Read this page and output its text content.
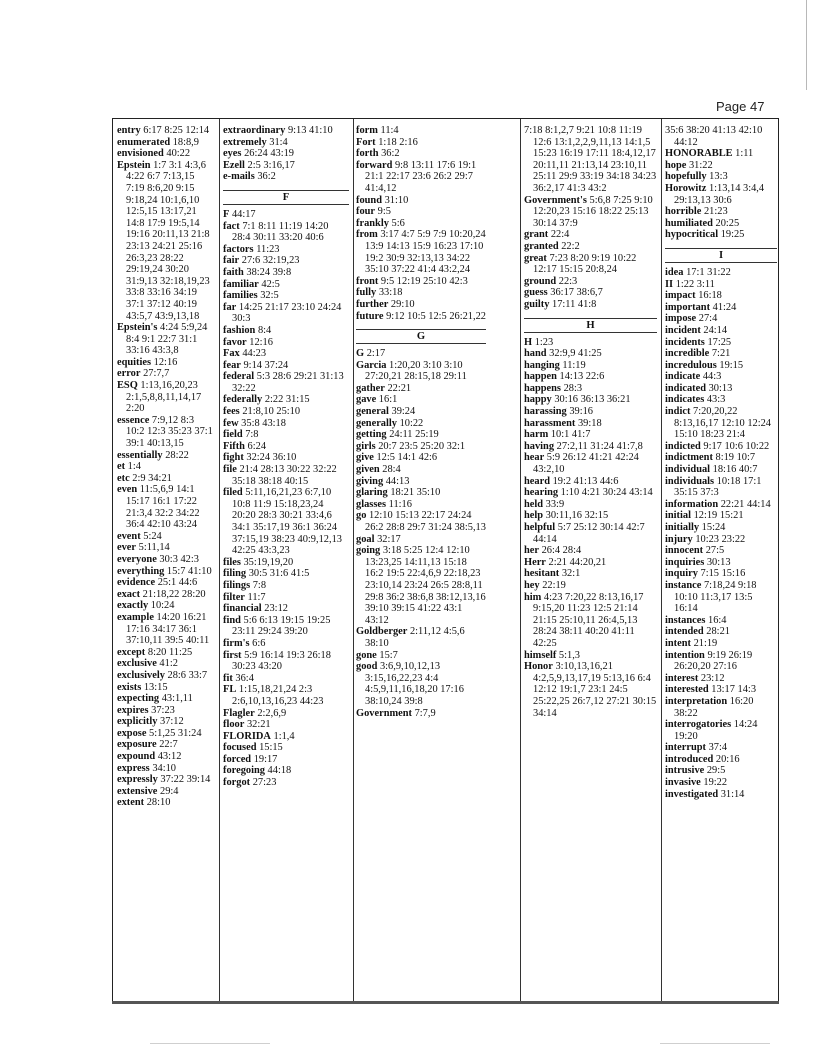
Page 47
entry 6:17 8:25 12:14
enumerated 18:8,9
envisioned 40:22
Epstein 1:7 3:1 4:3,6 4:22 6:7 7:13,15 7:19 8:6,20 9:15 9:18,24 10:1,6,10 12:5,15 13:17,21 14:8 17:9 19:5,14 19:16 20:11,13 21:8 23:13 24:21 25:16 26:3,23 28:22 29:19,24 30:20 31:9,13 32:18,19,23 33:8 33:16 34:19 37:1 37:12 40:19 43:5,7 43:9,13,18
Epstein's 4:24 5:9,24 8:4 9:1 22:7 31:1 33:16 43:3,8
equities 12:16
error 27:7,7
ESQ 1:13,16,20,23 2:1,5,8,8,11,14,17 2:20
essence 7:9,12 8:3 10:2 12:3 35:23 37:1 39:1 40:13,15
essentially 28:22
et 1:4
etc 2:9 34:21
even 11:5,6,9 14:1 15:17 16:1 17:22 21:3,4 32:2 34:22 36:4 42:10 43:24
event 5:24
ever 5:11,14
everyone 30:3 42:3
everything 15:7 41:10
evidence 25:1 44:6
exact 21:18,22 28:20
exactly 10:24
example 14:20 16:21 17:16 34:17 36:1 37:10,11 39:5 40:11
except 8:20 11:25
exclusive 41:2
exclusively 28:6 33:7
exists 13:15
expecting 43:1,11
expires 37:23
explicitly 37:12
expose 5:1,25 31:24
exposure 22:7
expound 43:12
express 34:10
expressly 37:22 39:14
extensive 29:4
extent 28:10
extraordinary 9:13 41:10
extremely 31:4
eyes 26:24 43:19
Ezell 2:5 3:16,17
e-mails 36:2
F
F 44:17
fact 7:1 8:11 11:19 14:20 28:4 30:11 33:20 40:6
factors 11:23
fair 27:6 32:19,23
faith 38:24 39:8
familiar 42:5
families 32:5
far 14:25 21:17 23:10 24:24 30:3
fashion 8:4
favor 12:16
Fax 44:23
fear 9:14 37:24
federal 5:3 28:6 29:21 31:13 32:22
federally 2:22 31:15
fees 21:8,10 25:10
few 35:8 43:18
field 7:8
Fifth 6:24
fight 32:24 36:10
file 21:4 28:13 30:22 32:22 35:18 38:18 40:15
filed 5:11,16,21,23 6:7,10 10:8 11:9 15:18,23,24 20:20 28:3 30:21 33:4,6 34:1 35:17,19 36:1 36:24 37:15,19 38:23 40:9,12,13 42:25 43:3,23
files 35:19,19,20
filing 30:5 31:6 41:5
filings 7:8
filter 11:7
financial 23:12
find 5:6 6:13 19:15 19:25 23:11 29:24 39:20
firm's 6:6
first 5:9 16:14 19:3 26:18 30:23 43:20
fit 36:4
FL 1:15,18,21,24 2:3 2:6,10,13,16,23 44:23
Flagler 2:2,6,9
floor 32:21
FLORIDA 1:1,4
focused 15:15
forced 19:17
foregoing 44:18
forgot 27:23
form 11:4
Fort 1:18 2:16
forth 36:2
forward 9:8 13:11 17:6 19:1 21:1 22:17 23:6 26:2 29:7 41:4,12
found 31:10
four 9:5
frankly 5:6
from 3:17 4:7 5:9 7:9 10:20,24 13:9 14:13 15:9 16:23 17:10 19:2 30:9 32:13,13 34:22 35:10 37:22 41:4 43:2,24
front 9:5 12:19 25:10 42:3
fully 33:18
further 29:10
future 9:12 10:5 12:5 26:21,22
G
G 2:17
Garcia 1:20,20 3:10 3:10 27:20,21 28:15,18 29:11
gather 22:21
gave 16:1
general 39:24
generally 10:22
getting 24:11 25:19
girls 20:7 23:5 25:20 32:1
give 12:5 14:1 42:6
given 28:4
giving 44:13
glaring 18:21 35:10
glasses 11:16
go 12:10 15:13 22:17 24:24 26:2 28:8 29:7 31:24 38:5,13
goal 32:17
going 3:18 5:25 12:4 12:10 13:23,25 14:11,13 15:18 16:2 19:5 22:4,6,9 22:18,23 23:10,14 23:24 26:5 28:8,11 29:8 36:2 38:6,8 38:12,13,16 39:10 39:15 41:22 43:1 43:12
Goldberger 2:11,12 4:5,6 38:10
gone 15:7
good 3:6,9,10,12,13 3:15,16,22,23 4:4 4:5,9,11,16,18,20 17:16 38:10,24 39:8
Government 7:7,9
7:18 8:1,2,7 9:21 10:8 11:19 12:6 13:1,2,2,9,11,13 14:1,5 15:23 16:19 17:11 18:4,12,17 20:11,11 21:13,14 23:10,11 25:11 29:9 33:19 34:18 34:23 36:2,17 41:3 43:2
Government's 5:6,8 7:25 9:10 12:20,23 15:16 18:22 25:13 30:14 37:9
grant 22:4
granted 22:2
great 7:23 8:20 9:19 10:22 12:17 15:15 20:8,24
ground 22:3
guess 36:17 38:6,7
guilty 17:11 41:8
H
H 1:23
hand 32:9,9 41:25
hanging 11:19
happen 14:13 22:6
happens 28:3
happy 30:16 36:13 36:21
harassing 39:16
harassment 39:18
harm 10:1 41:7
having 27:2,11 31:24 41:7,8
hear 5:9 26:12 41:21 42:24 43:2,10
heard 19:2 41:13 44:6
hearing 1:10 4:21 30:24 43:14
held 33:9
help 30:11,16 32:15
helpful 5:7 25:12 30:14 42:7 44:14
her 26:4 28:4
Herr 2:21 44:20,21
hesitant 32:1
hey 22:19
him 4:23 7:20,22 8:13,16,17 9:15,20 11:23 12:5 21:14 21:15 25:10,11 26:4,5,13 28:24 38:11 40:20 41:11 42:25
himself 5:1,3
Honor 3:10,13,16,21 4:2,5,9,13,17,19 5:13,16 6:4 12:12 19:1,7 23:1 24:5 25:22,25 26:7,12 27:21 30:15 34:14
35:6 38:20 41:13 42:10 44:12
HONORABLE 1:11
hope 31:22
hopefully 13:3
Horowitz 1:13,14 3:4,4 29:13,13 30:6
horrible 21:23
humiliated 20:25
hypocritical 19:25
I
idea 17:1 31:22
II 1:22 3:11
impact 16:18
important 41:24
impose 27:4
incident 24:14
incidents 17:25
incredible 7:21
incredulous 19:15
indicate 44:3
indicated 30:13
indicates 43:3
indict 7:20,20,22 8:13,16,17 12:10 12:24 15:10 18:23 21:4
indicted 9:17 10:6 10:22
indictment 8:19 10:7
individual 18:16 40:7
individuals 10:18 17:1 35:15 37:3
information 22:21 44:14
initial 12:19 15:21
initially 15:24
injury 10:23 23:22
innocent 27:5
inquiries 30:13
inquiry 7:15 15:16
instance 7:18,24 9:18 10:10 11:3,17 13:5 16:14
instances 16:4
intended 28:21
intent 21:19
intention 9:19 26:19 26:20,20 27:16
interest 23:12
interested 13:17 14:3
interpretation 16:20 38:22
interrogatories 14:24 19:20
interrupt 37:4
introduced 20:16
intrusive 29:5
invasive 19:22
investigated 31:14
